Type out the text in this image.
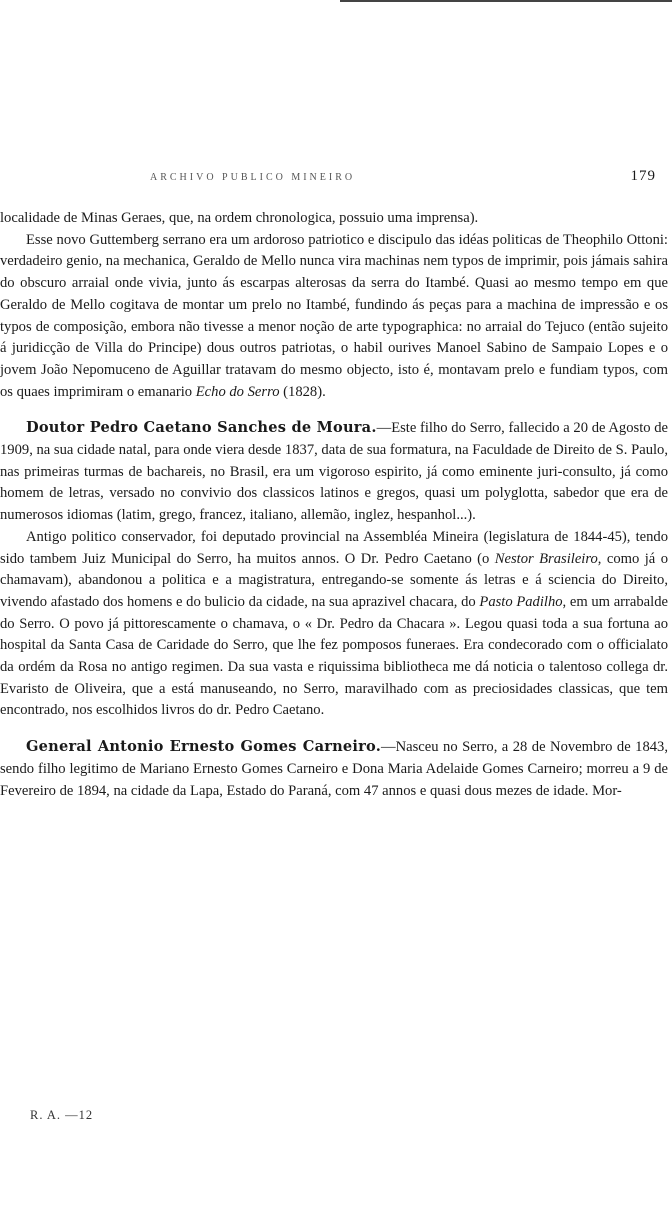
ARCHIVO PUBLICO MINEIRO	179

localidade de Minas Geraes, que, na ordem chronologica, possuio uma imprensa).

Esse novo Guttemberg serrano era um ardoroso patriotico e discipulo das idéas politicas de Theophilo Ottoni: verdadeiro genio, na mechanica, Geraldo de Mello nunca vira machinas nem typos de imprimir, pois jámais sahira do obscuro arraial onde vivia, junto ás escarpas alterosas da serra do Itambé. Quasi ao mesmo tempo em que Geraldo de Mello cogitava de montar um prelo no Itambé, fundindo ás peças para a machina de impressão e os typos de composição, embora não tivesse a menor noção de arte typographica: no arraial do Tejuco (então sujeito á juridicção de Villa do Principe) dous outros patriotas, o habil ourives Manoel Sabino de Sampaio Lopes e o jovem João Nepomuceno de Aguillar tratavam do mesmo objecto, isto é, montavam prelo e fundiam typos, com os quaes imprimiram o emanario Echo do Serro (1828).

Doutor Pedro Caetano Sanches de Moura.—Este filho do Serro, fallecido a 20 de Agosto de 1909, na sua cidade natal, para onde viera desde 1837, data de sua formatura, na Faculdade de Direito de S. Paulo, nas primeiras turmas de bachareis, no Brasil, era um vigoroso espirito, já como eminente juri-consulto, já como homem de letras, versado no convivio dos classicos latinos e gregos, quasi um polyglotta, sabedor que era de numerosos idiomas (latim, grego, francez, italiano, allemão, inglez, hespanhol...).

Antigo politico conservador, foi deputado provincial na Assembléa Mineira (legislatura de 1844-45), tendo sido tambem Juiz Municipal do Serro, ha muitos annos. O Dr. Pedro Caetano (o Nestor Brasileiro, como já o chamavam), abandonou a politica e a magistratura, entregando-se somente ás letras e á sciencia do Direito, vivendo afastado dos homens e do bulicio da cidade, na sua aprazivel chacara, do Pasto Padilho, em um arrabalde do Serro. O povo já pittorescamente o chamava, o « Dr. Pedro da Chacara ». Legou quasi toda a sua fortuna ao hospital da Santa Casa de Caridade do Serro, que lhe fez pomposos funeraes. Era condecorado com o officialato da ordém da Rosa no antigo regimen. Da sua vasta e riquissima bibliotheca me dá noticia o talentoso collega dr. Evaristo de Oliveira, que a está manuseando, no Serro, maravilhado com as preciosidades classicas, que tem encontrado, nos escolhidos livros do dr. Pedro Caetano.

General Antonio Ernesto Gomes Carneiro.—Nasceu no Serro, a 28 de Novembro de 1843, sendo filho legitimo de Mariano Ernesto Gomes Carneiro e Dona Maria Adelaide Gomes Carneiro; morreu a 9 de Fevereiro de 1894, na cidade da Lapa, Estado do Paraná, com 47 annos e quasi dous mezes de idade. Mor-

R. A. —12
